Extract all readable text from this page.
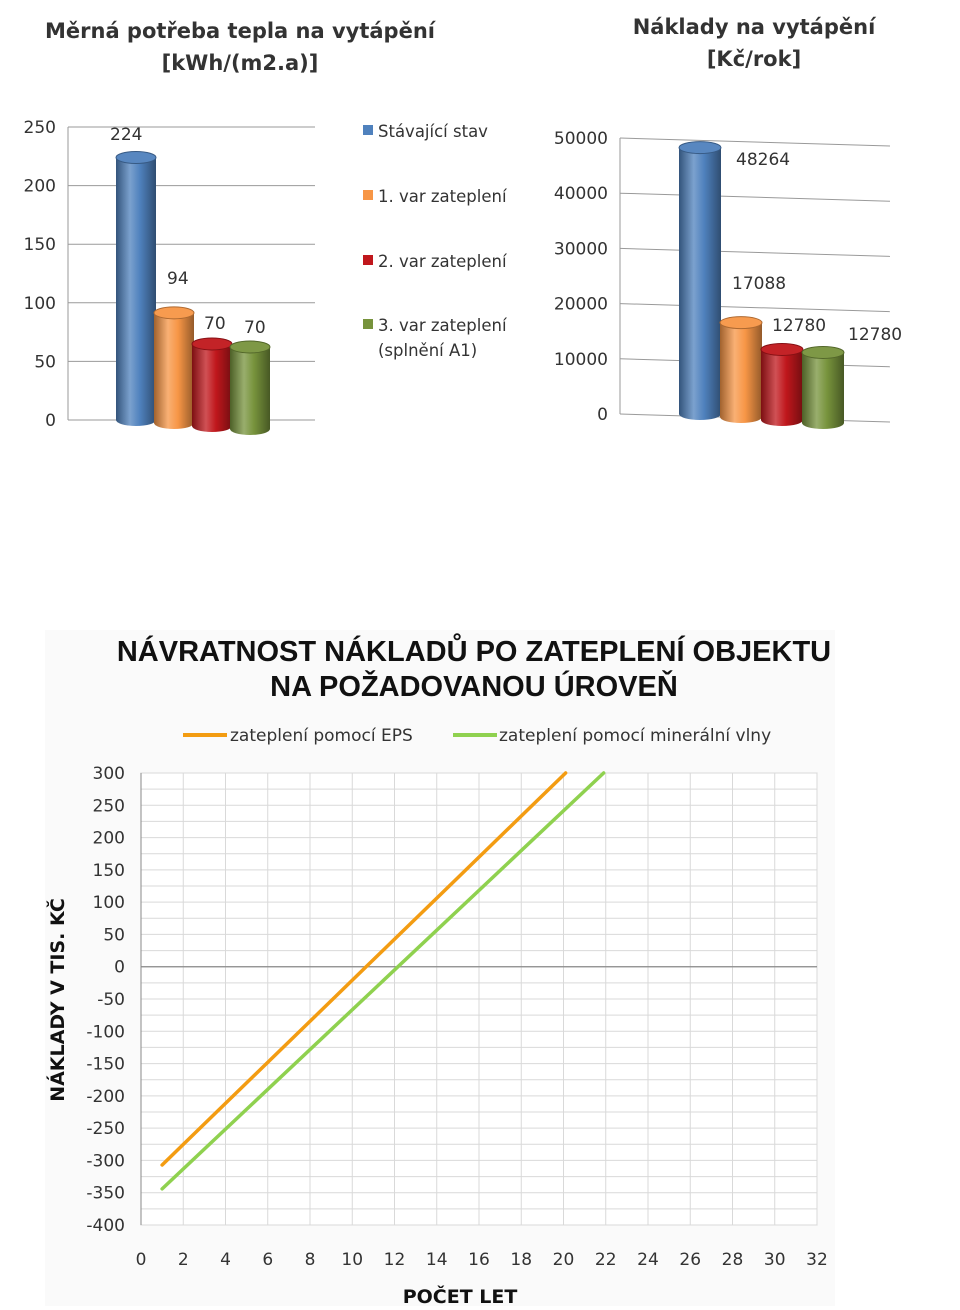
Měrná potřeba tepla na vytápění
[kWh/(m2.a)]
0
50
100
150
200
250	224
94
70 70
Stávající stav
1. var zateplení
2. var zateplení
3. var zateplení
(splnění A1)
Náklady na vytápění
[Kč/rok]
0
10000
20000
30000
40000
50000
48264
17088
12780 12780
NÁVRATNOST NÁKLADŮ PO ZATEPLENÍ OBJEKTU
NA POŽADOVANOU ÚROVEŇ
zateplení pomocí EPS	zateplení pomocí minerální vlny
300
250
200
150
100
50
0
-50
-100
-150
-200
-250
-300
-350
-400
0 2 4 6 8 10 12 14 16 18 20 22 24 26 28 30 32
POČET LET
NÁKLADY V TIS. KČ
